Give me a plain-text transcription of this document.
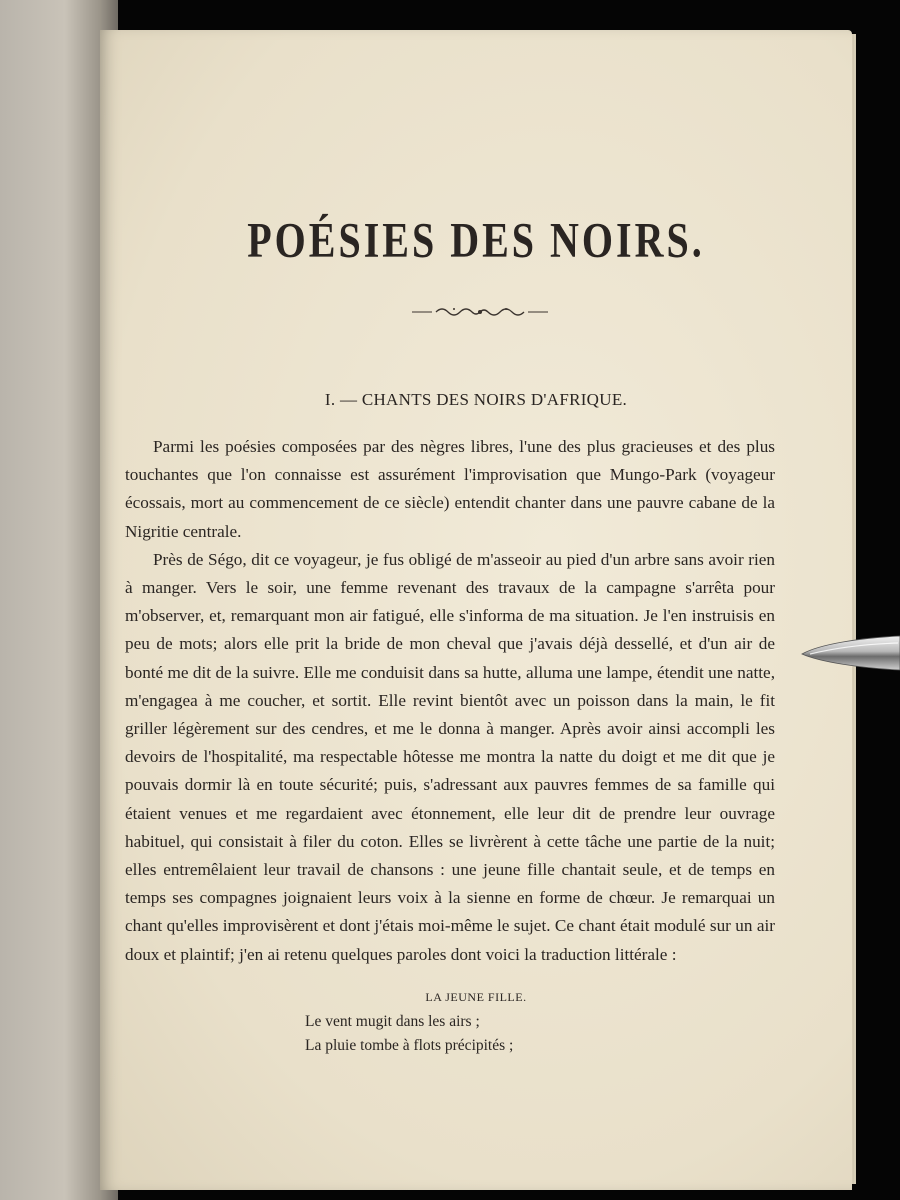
POÉSIES DES NOIRS.
I. — CHANTS DES NOIRS D'AFRIQUE.

Parmi les poésies composées par des nègres libres, l'une des plus gracieuses et des plus touchantes que l'on connaisse est assurément l'improvisation que Mungo-Park (voyageur écossais, mort au commencement de ce siècle) entendit chanter dans une pauvre cabane de la Nigritie centrale.

Près de Ségo, dit ce voyageur, je fus obligé de m'asseoir au pied d'un arbre sans avoir rien à manger. Vers le soir, une femme revenant des travaux de la campagne s'arrêta pour m'observer, et, remarquant mon air fatigué, elle s'informa de ma situation. Je l'en instruisis en peu de mots; alors elle prit la bride de mon cheval que j'avais déjà dessellé, et d'un air de bonté me dit de la suivre. Elle me conduisit dans sa hutte, alluma une lampe, étendit une natte, m'engagea à me coucher, et sortit. Elle revint bientôt avec un poisson dans la main, le fit griller légèrement sur des cendres, et me le donna à manger. Après avoir ainsi accompli les devoirs de l'hospitalité, ma respectable hôtesse me montra la natte du doigt et me dit que je pouvais dormir là en toute sécurité; puis, s'adressant aux pauvres femmes de sa famille qui étaient venues et me regardaient avec étonnement, elle leur dit de prendre leur ouvrage habituel, qui consistait à filer du coton. Elles se livrèrent à cette tâche une partie de la nuit; elles entremêlaient leur travail de chansons : une jeune fille chantait seule, et de temps en temps ses compagnes joignaient leurs voix à la sienne en forme de chœur. Je remarquai un chant qu'elles improvisèrent et dont j'étais moi-même le sujet. Ce chant était modulé sur un air doux et plaintif; j'en ai retenu quelques paroles dont voici la traduction littérale :

LA JEUNE FILLE.
Le vent mugit dans les airs ;
La pluie tombe à flots précipités ;
